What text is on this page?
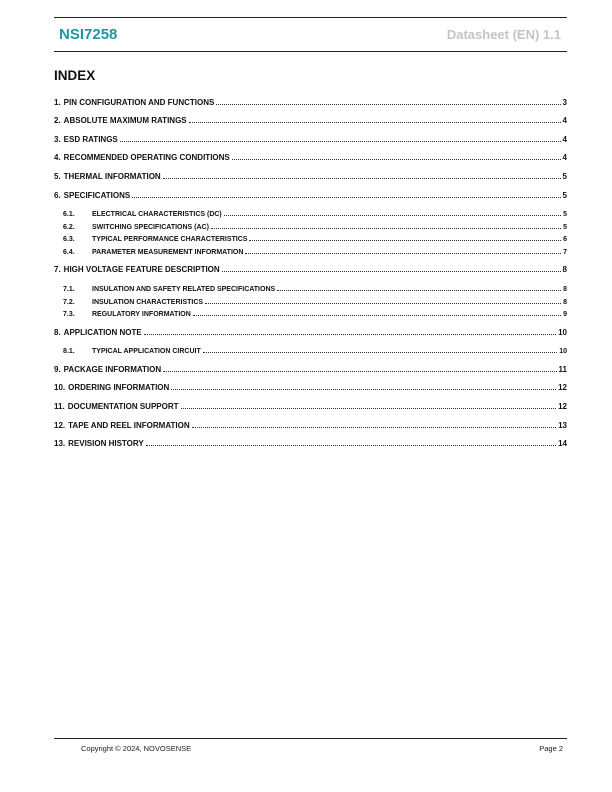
NSI7258	Datasheet (EN) 1.1
INDEX
1. PIN CONFIGURATION AND FUNCTIONS	3
2. ABSOLUTE MAXIMUM RATINGS	4
3. ESD RATINGS	4
4. RECOMMENDED OPERATING CONDITIONS	4
5. THERMAL INFORMATION	5
6. SPECIFICATIONS	5
6.1.	ELECTRICAL CHARACTERISTICS (DC)	5
6.2.	SWITCHING SPECIFICATIONS (AC)	5
6.3.	TYPICAL PERFORMANCE CHARACTERISTICS	6
6.4.	PARAMETER MEASUREMENT INFORMATION	7
7. HIGH VOLTAGE FEATURE DESCRIPTION	8
7.1.	INSULATION AND SAFETY RELATED SPECIFICATIONS	8
7.2.	INSULATION CHARACTERISTICS	8
7.3.	REGULATORY INFORMATION	9
8. APPLICATION NOTE	10
8.1.	TYPICAL APPLICATION CIRCUIT	10
9. PACKAGE INFORMATION	11
10. ORDERING INFORMATION	12
11. DOCUMENTATION SUPPORT	12
12. TAPE AND REEL INFORMATION	13
13. REVISION HISTORY	14
Copyright © 2024, NOVOSENSE	Page 2
